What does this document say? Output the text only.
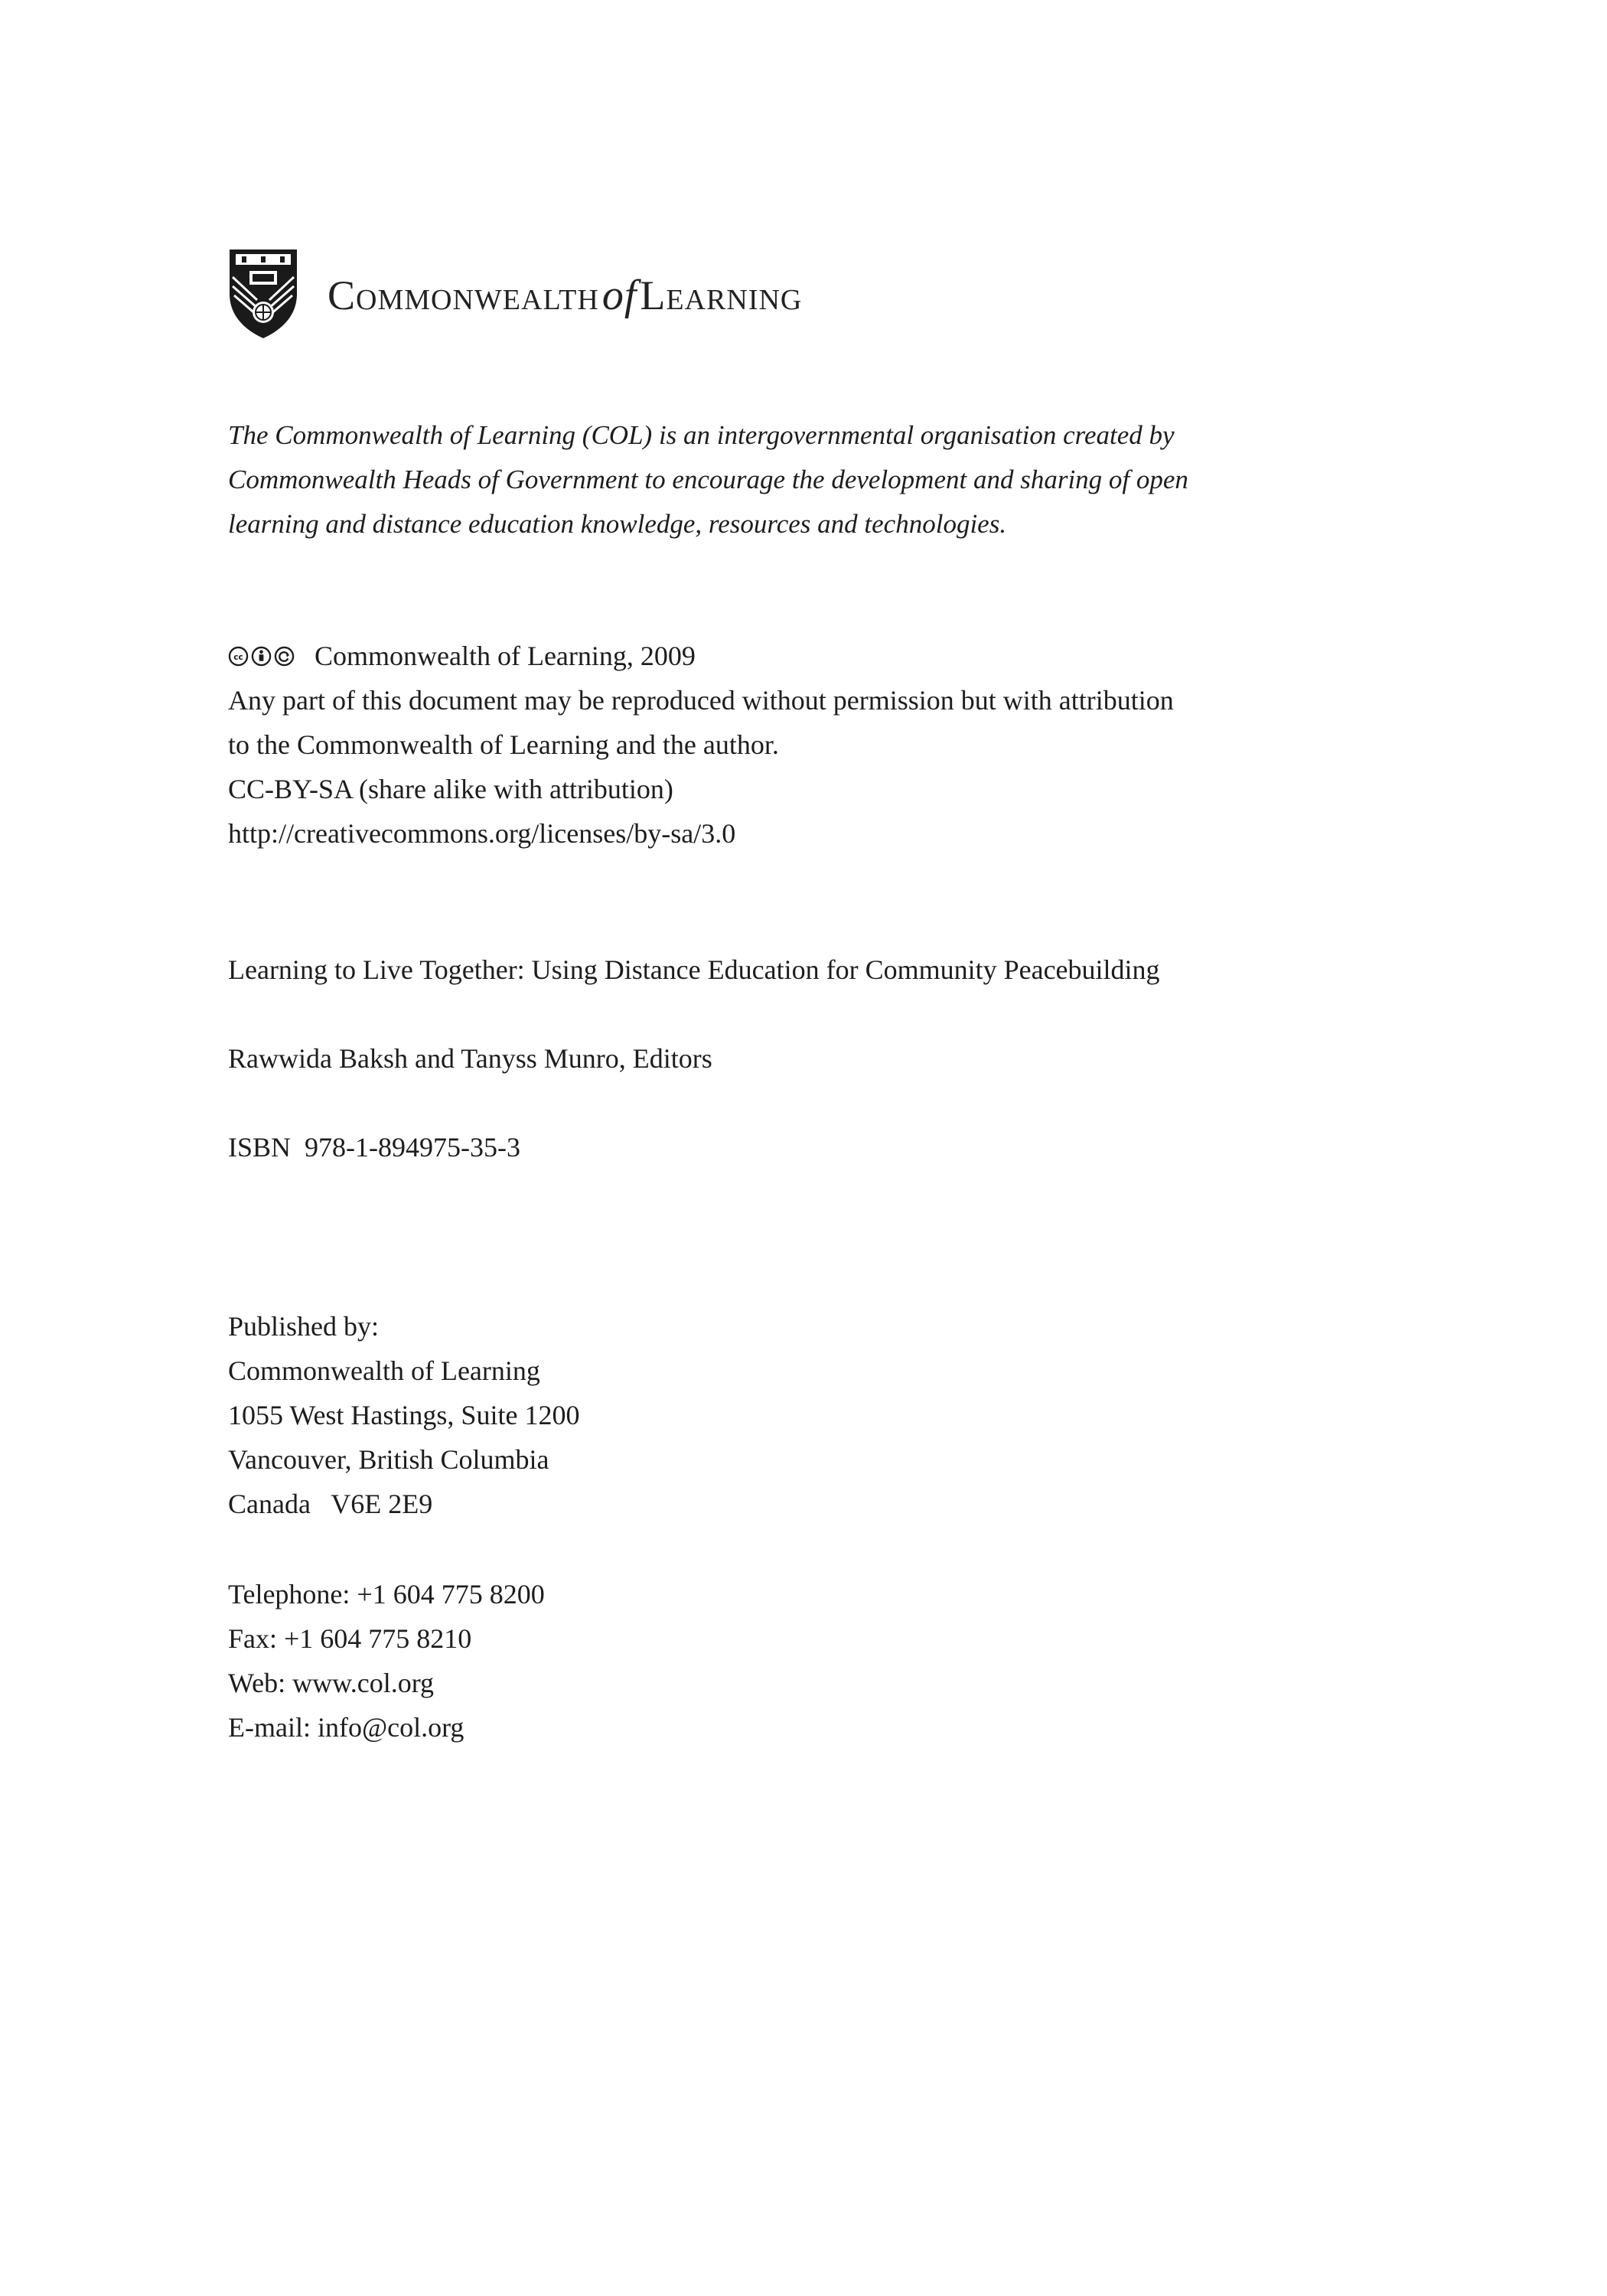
CommonwealthofLearning

The Commonwealth of Learning (COL) is an intergovernmental organisation created by

Commonwealth Heads of Government to encourage the development and sharing of open

learning and distance education knowledge, resources and technologies.

cc	Commonwealth of Learning, 2009

Any part of this document may be reproduced without permission but with attribution

to the Commonwealth of Learning and the author.

CC-BY-SA (share alike with attribution)

http://creativecommons.org/licenses/by-sa/3.0

Learning to Live Together: Using Distance Education for Community Peacebuilding

Rawwida Baksh and Tanyss Munro, Editors

ISBN  978-1-894975-35-3

Published by:

Commonwealth of Learning

1055 West Hastings, Suite 1200

Vancouver, British Columbia

Canada   V6E 2E9

Telephone: +1 604 775 8200

Fax: +1 604 775 8210

Web: www.col.org

E-mail: info@col.org
